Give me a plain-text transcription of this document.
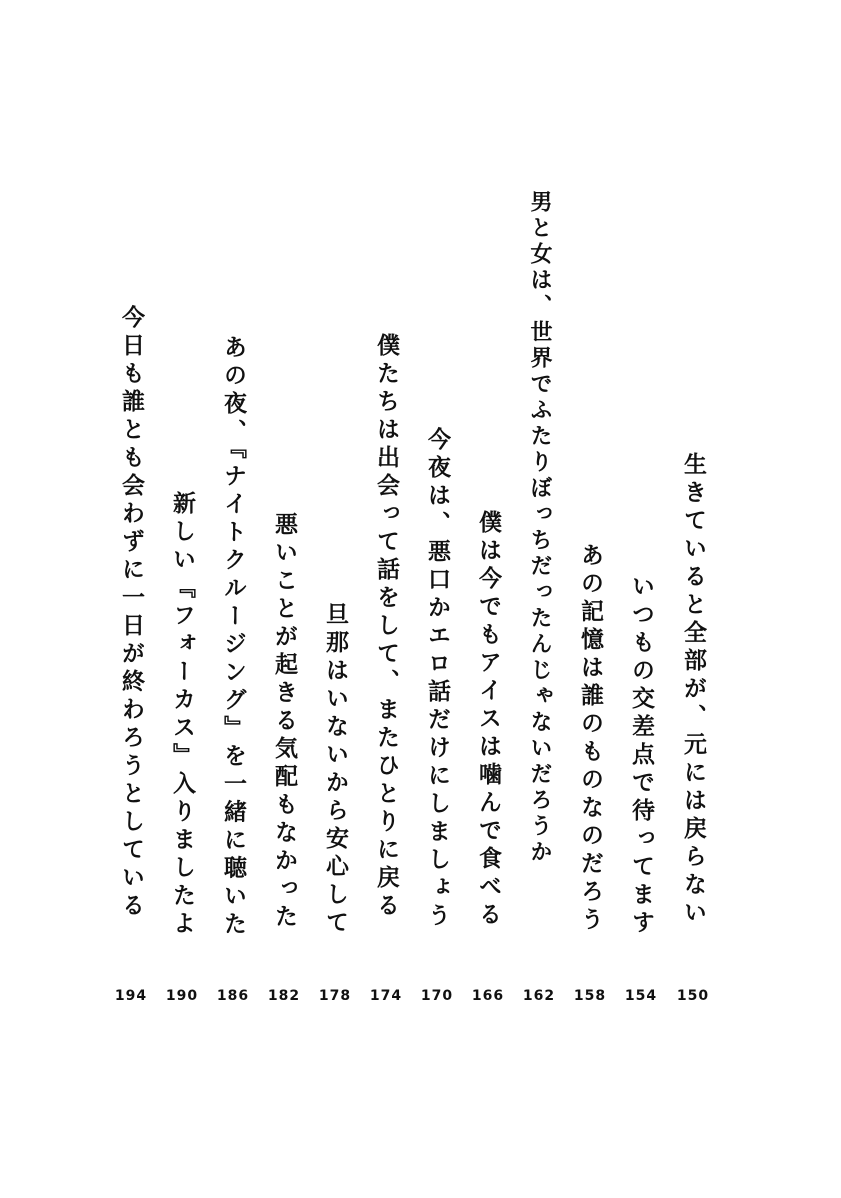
生きていると全部が、元には戻らない
150
いつもの交差点で待ってます
154
あの記憶は誰のものなのだろう
158
男と女は、世界でふたりぼっちだったんじゃないだろうか
162
僕は今でもアイスは噛んで食べる
166
今夜は、悪口かエロ話だけにしましょう
170
僕たちは出会って話をして、またひとりに戻る
174
旦那はいないから安心して
178
悪いことが起きる気配もなかった
182
あの夜、『ナイトクルージング』を一緒に聴いた
186
新しい『フォーカス』入りましたよ
190
今日も誰とも会わずに一日が終わろうとしている
194
